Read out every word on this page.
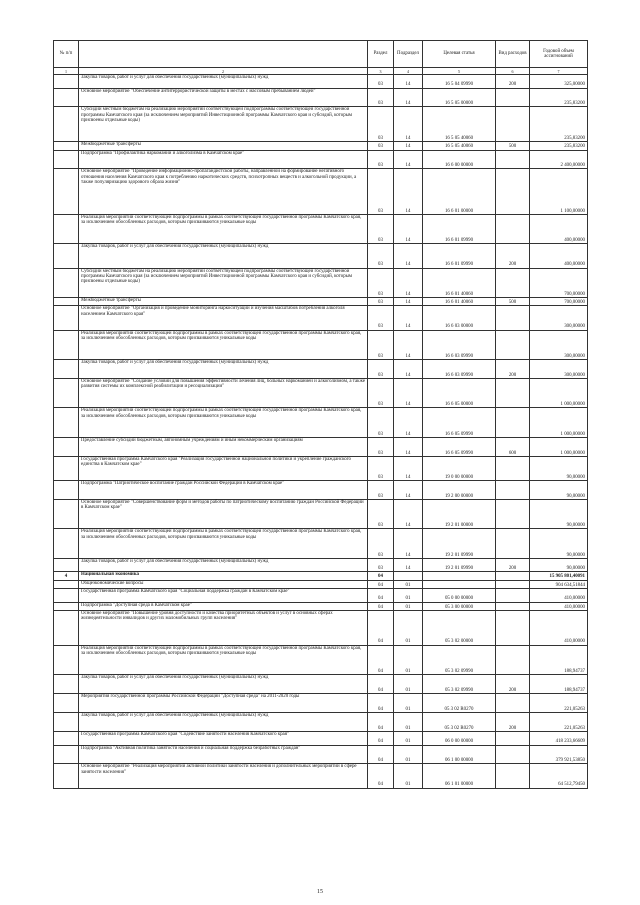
№ п/п		Раздел	Подраздел	Целевая статья	Вид расходов	Годовой объем ассигнований
1	2	3	4	5	6	7
	Закупка товаров, работ и услуг для обеспечения государственных (муниципальных) нужд	03	14	16 5 04 09990	200	325,00000
	Основное мероприятие "Обеспечение антитеррористической защиты в местах с массовым пребыванием людей"	03	14	16 5 05 00000		235,83200
	Субсидии местным бюджетам на реализацию мероприятий соответствующей подпрограммы соответствующей государственной программы Камчатского края (за исключением мероприятий Инвестиционной программы Камчатского края и субсидий, которым присвоены отдельные коды)	03	14	16 5 05 40060		235,83200
	Межбюджетные трансферты	03	14	16 5 05 40060	500	235,83200
	Подпрограмма "Профилактика наркомании и алкоголизма в Камчатском крае"	03	14	16 6 00 00000		2 400,00000
	Основное мероприятие "Проведение информационно-пропагандистской работы, направленной на формирование негативного отношения населения Камчатского края к потреблению наркотических средств, психотропных веществ и алкогольной продукции, а также популяризацию здорового образа жизни"	03	14	16 6 01 00000		1 100,00000
	Реализация мероприятий соответствующей подпрограммы в рамках соответствующей государственной программы Камчатского края, за исключением обособленных расходов, которым присваиваются уникальные коды	03	14	16 6 01 09990		400,00000
	Закупка товаров, работ и услуг для обеспечения государственных (муниципальных) нужд	03	14	16 6 01 09990	200	400,00000
	Субсидии местным бюджетам на реализацию мероприятий соответствующей подпрограммы соответствующей государственной программы Камчатского края (за исключением мероприятий Инвестиционной программы Камчатского края и субсидий, которым присвоены отдельные коды)	03	14	16 6 01 40060		700,00000
	Межбюджетные трансферты	03	14	16 6 01 40060	500	700,00000
	Основное мероприятие "Организация и проведение мониторинга наркоситуации и изучения масштабов потребления алкоголя населением Камчатского края"	03	14	16 6 03 00000		300,00000
	Реализация мероприятий соответствующей подпрограммы в рамках соответствующей государственной программы Камчатского края, за исключением обособленных расходов, которым присваиваются уникальные коды	03	14	16 6 03 09990		300,00000
	Закупка товаров, работ и услуг для обеспечения государственных (муниципальных) нужд	03	14	16 6 03 09990	200	300,00000
	Основное мероприятие "Создание условий для повышения эффективности лечения лиц, больных наркоманией и алкоголизмом, а также развития системы их комплексной реабилитации и ресоциализации"	03	14	16 6 05 00000		1 000,00000
	Реализация мероприятий соответствующей подпрограммы в рамках соответствующей государственной программы Камчатского края, за исключением обособленных расходов, которым присваиваются уникальные коды	03	14	16 6 05 09990		1 000,00000
	Предоставление субсидий бюджетным, автономным учреждениям и иным некоммерческим организациям	03	14	16 6 05 09990	600	1 000,00000
	Государственная программа Камчатского края "Реализация государственной национальной политики и укрепление гражданского единства в Камчатском крае"	03	14	19 0 00 00000		90,00000
	Подпрограмма "Патриотическое воспитание граждан Российской Федерации в Камчатском крае"	03	14	19 2 00 00000		90,00000
	Основное мероприятие "Совершенствование форм и методов работы по патриотическому воспитанию граждан Российской Федерации в Камчатском крае"	03	14	19 2 01 00000		90,00000
	Реализация мероприятий соответствующей подпрограммы в рамках соответствующей государственной программы Камчатского края, за исключением обособленных расходов, которым присваиваются уникальные коды	03	14	19 2 01 09990		90,00000
	Закупка товаров, работ и услуг для обеспечения государственных (муниципальных) нужд	03	14	19 2 01 09990	200	90,00000
4	Национальная экономика	04				15 905 801,40091
	Общеэкономические вопросы	04	01			904 634,51844
	Государственная программа Камчатского края "Социальная поддержка граждан в Камчатском крае"	04	01	05 0 00 00000		410,00000
	Подпрограмма "Доступная среда в Камчатском крае"	04	01	05 3 00 00000		410,00000
	Основное мероприятие "Повышение уровня доступности и качества приоритетных объектов и услуг в основных сферах жизнедеятельности инвалидов и других маломобильных групп населения"	04	01	05 3 02 00000		410,00000
	Реализация мероприятий соответствующей подпрограммы в рамках соответствующей государственной программы Камчатского края, за исключением обособленных расходов, которым присваиваются уникальные коды	04	01	05 3 02 09990		188,94737
	Закупка товаров, работ и услуг для обеспечения государственных (муниципальных) нужд	04	01	05 3 02 09990	200	188,94737
	Мероприятия государственной программы Российской Федерации "Доступная среда" на 2011-2020 годы	04	01	05 3 02 R0270		221,05263
	Закупка товаров, работ и услуг для обеспечения государственных (муниципальных) нужд	04	01	05 3 02 R0270	200	221,05263
	Государственная программа Камчатского края "Содействие занятости населения Камчатского края"	04	01	06 0 00 00000		418 233,66609
	Подпрограмма "Активная политика занятости населения и социальная поддержка безработных граждан"	04	01	06 1 00 00000		379 921,53850
	Основное мероприятие "Реализация мероприятий активной политики занятости населения и дополнительных мероприятий в сфере занятости населения"	04	01	06 1 01 00000		64 512,79450
15
